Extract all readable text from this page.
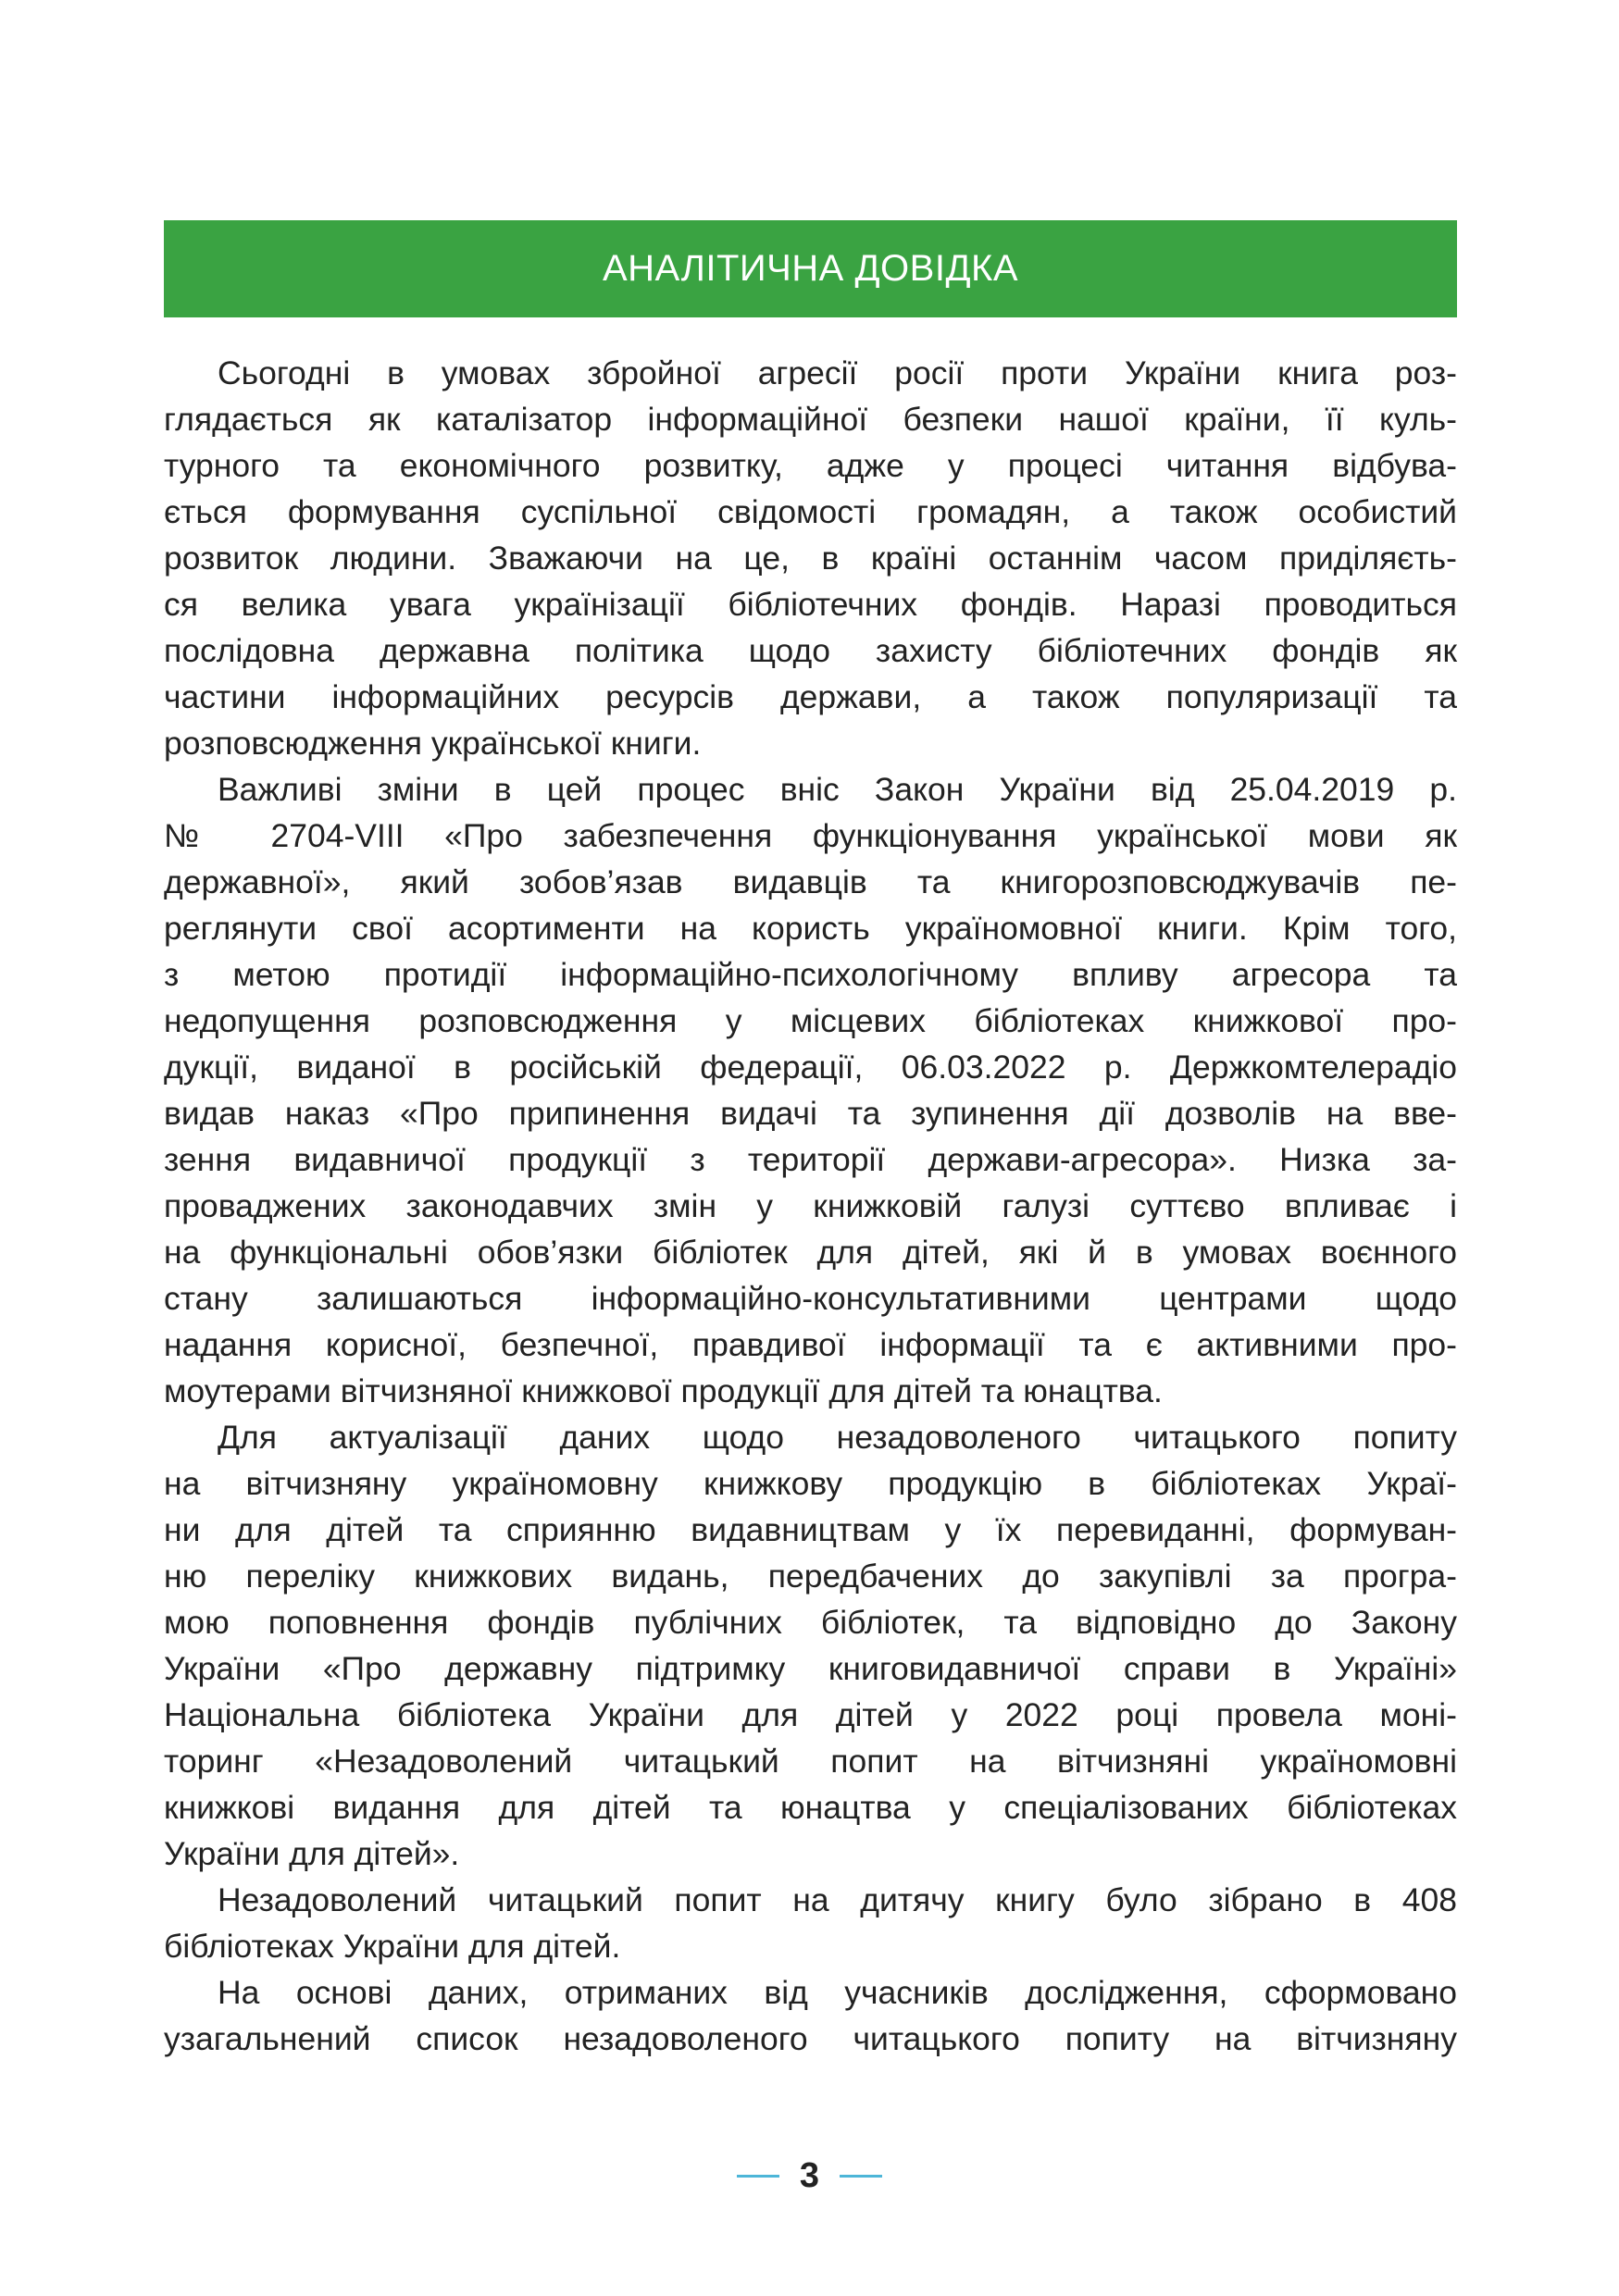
АНАЛІТИЧНА ДОВІДКА
Сьогодні в умовах збройної агресії росії проти України книга роз-
глядається як каталізатор інформаційної безпеки нашої країни, її куль-
турного та економічного розвитку, адже у процесі читання відбува-
ється формування суспільної свідомості громадян, а також особистий
розвиток людини. Зважаючи на це, в країні останнім часом приділяєть-
ся велика увага українізації бібліотечних фондів. Наразі проводиться
послідовна державна політика щодо захисту бібліотечних фондів як
частини інформаційних ресурсів держави, а також популяризації та
розповсюдження української книги.
Важливі зміни в цей процес вніс Закон України від 25.04.2019 р.
№ 2704-VIII «Про забезпечення функціонування української мови як
державної», який зобов’язав видавців та книгорозповсюджувачів пе-
реглянути свої асортименти на користь україномовної книги. Крім того,
з метою протидії інформаційно-психологічному впливу агресора та
недопущення розповсюдження у місцевих бібліотеках книжкової про-
дукції, виданої в російській федерації, 06.03.2022 р. Держкомтелерадіо
видав наказ «Про припинення видачі та зупинення дії дозволів на вве-
зення видавничої продукції з території держави-агресора». Низка за-
проваджених законодавчих змін у книжковій галузі суттєво впливає і
на функціональні обов’язки бібліотек для дітей, які й в умовах воєнного
стану залишаються інформаційно-консультативними центрами щодо
надання корисної, безпечної, правдивої інформації та є активними про-
моутерами вітчизняної книжкової продукції для дітей та юнацтва.
Для актуалізації даних щодо незадоволеного читацького попиту
на вітчизняну україномовну книжкову продукцію в бібліотеках Украї-
ни для дітей та сприянню видавництвам у їх перевиданні, формуван-
ню переліку книжкових видань, передбачених до закупівлі за програ-
мою поповнення фондів публічних бібліотек, та відповідно до Закону
України «Про державну підтримку книговидавничої справи в Україні»
Національна бібліотека України для дітей у 2022 році провела моні-
торинг «Незадоволений читацький попит на вітчизняні україномовні
книжкові видання для дітей та юнацтва у спеціалізованих бібліотеках
України для дітей».
Незадоволений читацький попит на дитячу книгу було зібрано в 408
бібліотеках України для дітей.
На основі даних, отриманих від учасників дослідження, сформовано
узагальнений список незадоволеного читацького попиту на вітчизняну
3
